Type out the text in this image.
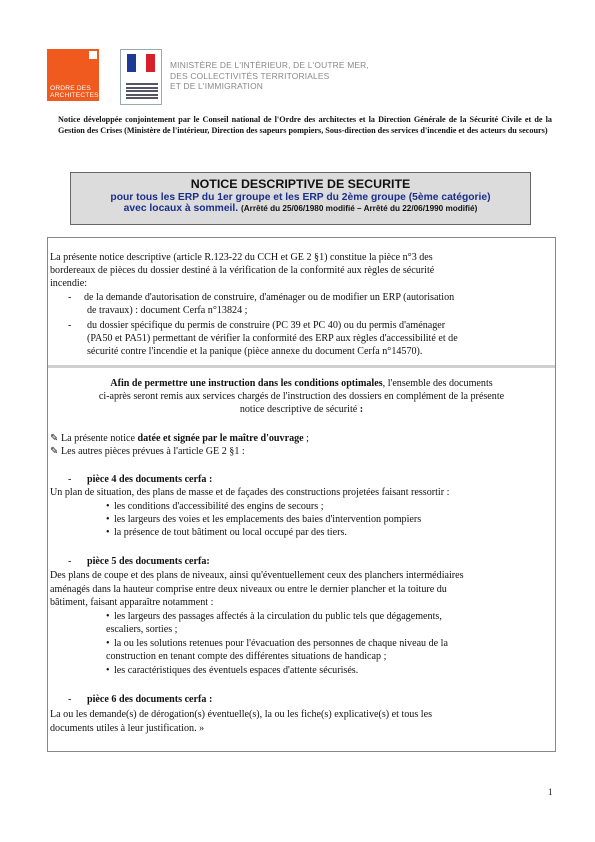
ORDRE DES
ARCHITECTES
MINISTÈRE DE L'INTÉRIEUR, DE L'OUTRE MER,
DES COLLECTIVITÉS TERRITORIALES
ET DE L'IMMIGRATION
Notice développée conjointement par le Conseil national de l'Ordre des architectes et la Direction Générale de la Sécurité Civile et de la Gestion des Crises (Ministère de l'intérieur, Direction des sapeurs pompiers, Sous-direction des services d'incendie et des acteurs du secours)
NOTICE DESCRIPTIVE DE SECURITE
pour tous les ERP du 1er groupe et les ERP du 2ème groupe (5ème catégorie)
avec locaux à sommeil. (Arrêté du 25/06/1980 modifié – Arrêté du 22/06/1990 modifié)
La présente notice descriptive (article R.123-22 du CCH et GE 2 §1) constitue la pièce n°3 des
bordereaux de pièces du dossier destiné à la vérification de la conformité aux règles de sécurité
incendie:
- de la demande d'autorisation de construire, d'aménager ou de modifier un ERP (autorisation
de travaux) : document Cerfa n°13824 ;
- du dossier spécifique du permis de construire (PC 39 et PC 40) ou du permis d'aménager
(PA50 et PA51) permettant de vérifier la conformité des ERP aux règles d'accessibilité et de
sécurité contre l'incendie et la panique (pièce annexe du document Cerfa n°14570).
Afin de permettre une instruction dans les conditions optimales, l'ensemble des documents
ci-après seront remis aux services chargés de l'instruction des dossiers en complément de la présente
notice descriptive de sécurité :
✎ La présente notice datée et signée par le maître d'ouvrage ;
✎ Les autres pièces prévues à l'article GE 2 §1 :
- pièce 4 des documents cerfa :
Un plan de situation, des plans de masse et de façades des constructions projetées faisant ressortir :
• les conditions d'accessibilité des engins de secours ;
• les largeurs des voies et les emplacements des baies d'intervention pompiers
• la présence de tout bâtiment ou local occupé par des tiers.
- pièce 5 des documents cerfa:
Des plans de coupe et des plans de niveaux, ainsi qu'éventuellement ceux des planchers intermédiaires
aménagés dans la hauteur comprise entre deux niveaux ou entre le dernier plancher et la toiture du
bâtiment, faisant apparaître notamment :
• les largeurs des passages affectés à la circulation du public tels que dégagements,
escaliers, sorties ;
• la ou les solutions retenues pour l'évacuation des personnes de chaque niveau de la
construction en tenant compte des différentes situations de handicap ;
• les caractéristiques des éventuels espaces d'attente sécurisés.
- pièce 6 des documents cerfa :
La ou les demande(s) de dérogation(s) éventuelle(s), la ou les fiche(s) explicative(s) et tous les
documents utiles à leur justification. »
1
